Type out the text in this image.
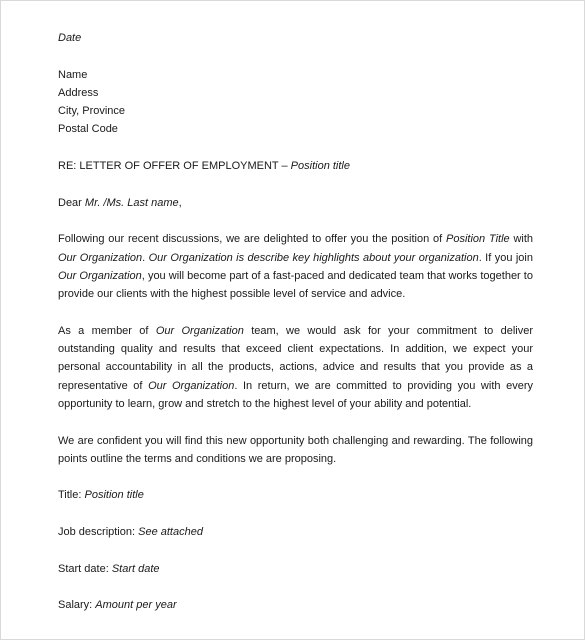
Date

Name

Address

City, Province

Postal Code

RE: LETTER OF OFFER OF EMPLOYMENT – Position title

Dear Mr. /Ms. Last name,

Following our recent discussions, we are delighted to offer you the position of Position Title with Our Organization. Our Organization is describe key highlights about your organization. If you join Our Organization, you will become part of a fast-paced and dedicated team that works together to provide our clients with the highest possible level of service and advice.

As a member of Our Organization team, we would ask for your commitment to deliver outstanding quality and results that exceed client expectations. In addition, we expect your personal accountability in all the products, actions, advice and results that you provide as a representative of Our Organization. In return, we are committed to providing you with every opportunity to learn, grow and stretch to the highest level of your ability and potential.

We are confident you will find this new opportunity both challenging and rewarding. The following points outline the terms and conditions we are proposing.

Title: Position title

Job description: See attached

Start date: Start date

Salary: Amount per year
